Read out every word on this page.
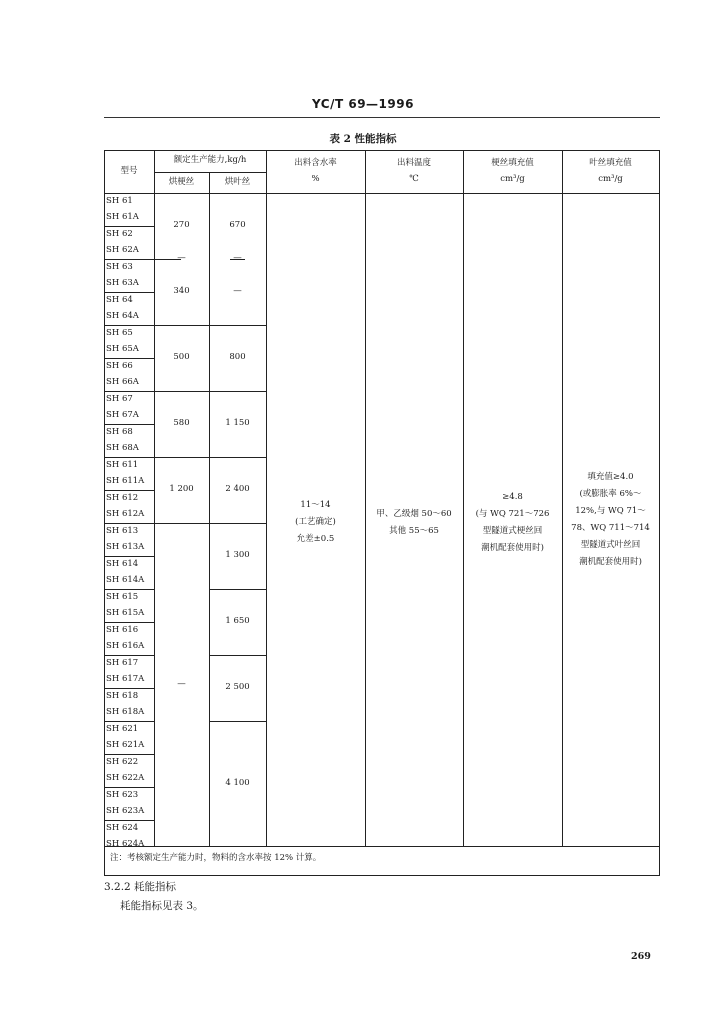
YC/T 69—1996
表 2 性能指标
型号
额定生产能力,kg/h
烘梗丝	烘叶丝
出料含水率
%
出料温度
℃
梗丝填充值
cm³/g
叶丝填充值
cm³/g
SH 61
SH 61A
SH 62
SH 62A
SH 63
SH 63A
SH 64
SH 64A
SH 65
SH 65A
SH 66
SH 66A
SH 67
SH 67A
SH 68
SH 68A
SH 611
SH 611A
SH 612
SH 612A
SH 613
SH 613A
SH 614
SH 614A
SH 615
SH 615A
SH 616
SH 616A
SH 617
SH 617A
SH 618
SH 618A
SH 621
SH 621A
SH 622
SH 622A
SH 623
SH 623A
SH 624
SH 624A
270
—
340
500
580
1 200
—
670
—
—
800
1 150
2 400
1 300
1 650
2 500
4 100
11～14
(工艺确定)
允差±0.5
甲、乙级烟 50～60
其他 55～65
≥4.8
(与 WQ 721～726
型隧道式梗丝回
潮机配套使用时)
填充值≥4.0
(或膨胀率 6%～
12%,与 WQ 71～
78、WQ 711～714
型隧道式叶丝回
潮机配套使用时)
注：考核额定生产能力时，物料的含水率按 12% 计算。
3.2.2 耗能指标
耗能指标见表 3。
269
